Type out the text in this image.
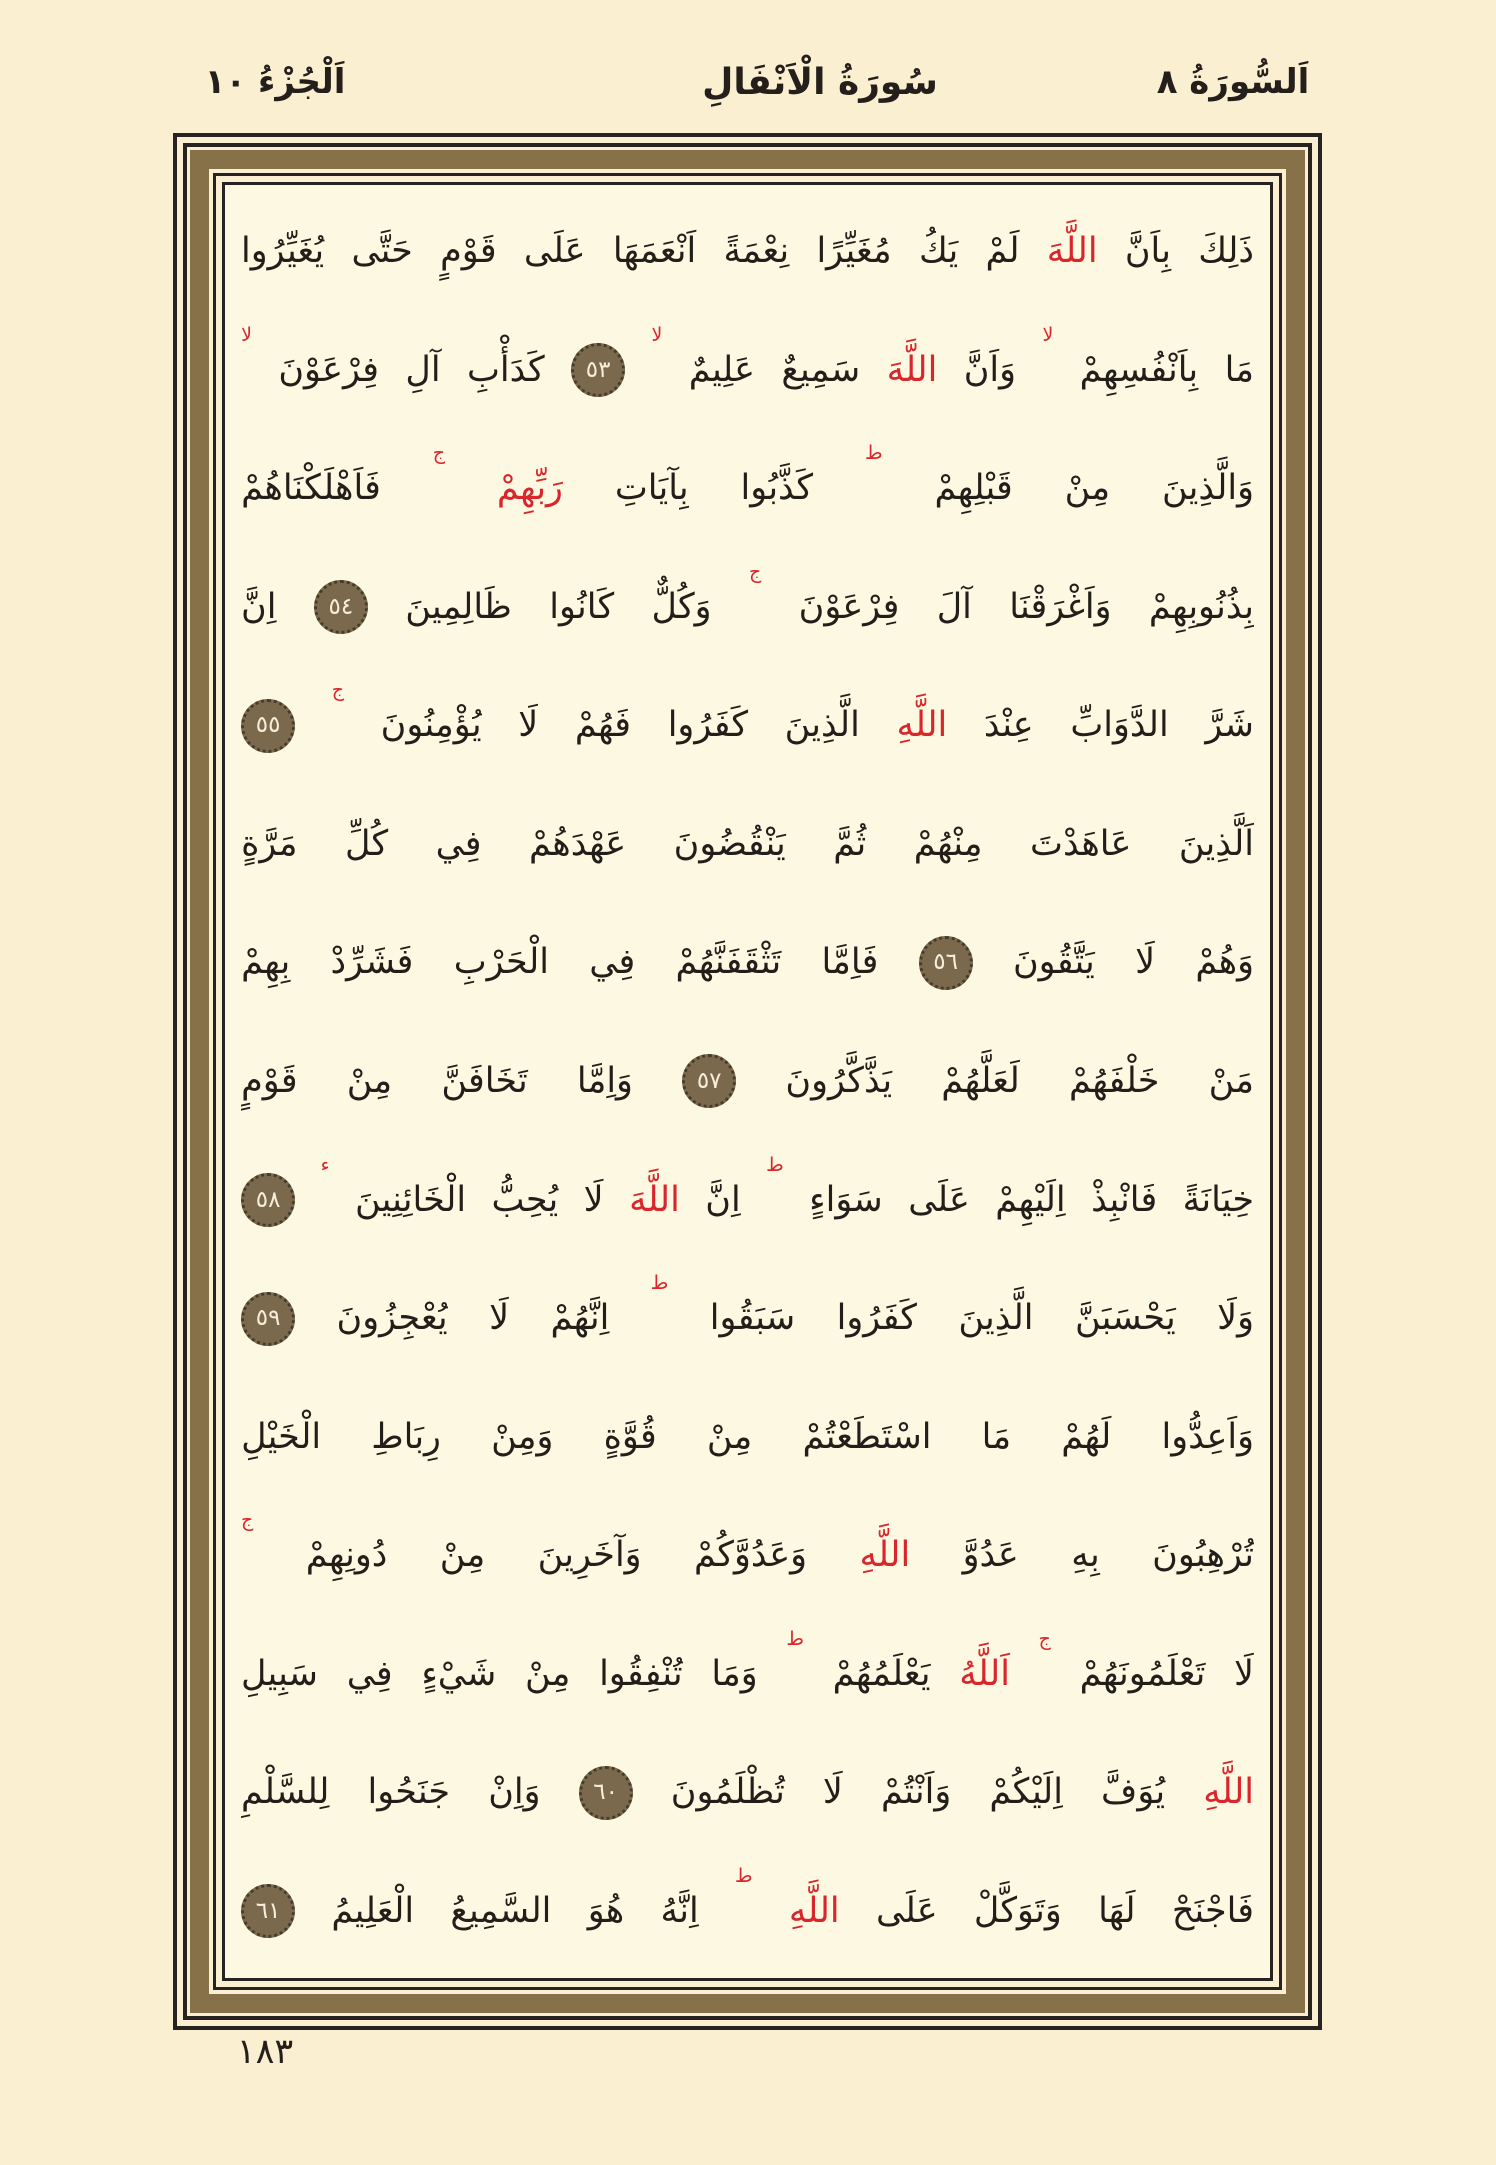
اَلسُّورَةُ ٨
سُورَةُ الْاَنْفَالِ
اَلْجُزْءُ ١٠
ذَلِكَ
بِاَنَّ
اللَّهَ
لَمْ
يَكُ
مُغَيِّرًا
نِعْمَةً
اَنْعَمَهَا
عَلَى
قَوْمٍ
حَتَّى
يُغَيِّرُوا
مَا
بِاَنْفُسِهِمْ
لا
وَاَنَّ
اللَّهَ
سَمِيعٌ
عَلِيمٌ
لا
٥٣
كَدَأْبِ
آلِ
فِرْعَوْنَ
لا
وَالَّذِينَ
مِنْ
قَبْلِهِمْ
ط
كَذَّبُوا
بِآيَاتِ
رَبِّهِمْ
ج
فَاَهْلَكْنَاهُمْ
بِذُنُوبِهِمْ
وَاَغْرَقْنَا
آلَ
فِرْعَوْنَ
ج
وَكُلٌّ
كَانُوا
ظَالِمِينَ
٥٤
اِنَّ
شَرَّ
الدَّوَابِّ
عِنْدَ
اللَّهِ
الَّذِينَ
كَفَرُوا
فَهُمْ
لَا
يُؤْمِنُونَ
ج
٥٥
اَلَّذِينَ
عَاهَدْتَ
مِنْهُمْ
ثُمَّ
يَنْقُضُونَ
عَهْدَهُمْ
فِي
كُلِّ
مَرَّةٍ
وَهُمْ
لَا
يَتَّقُونَ
٥٦
فَاِمَّا
تَثْقَفَنَّهُمْ
فِي
الْحَرْبِ
فَشَرِّدْ
بِهِمْ
مَنْ
خَلْفَهُمْ
لَعَلَّهُمْ
يَذَّكَّرُونَ
٥٧
وَاِمَّا
تَخَافَنَّ
مِنْ
قَوْمٍ
خِيَانَةً
فَانْبِذْ
اِلَيْهِمْ
عَلَى
سَوَاءٍ
ط
اِنَّ
اللَّهَ
لَا
يُحِبُّ
الْخَائِنِينَ
ء
٥٨
وَلَا
يَحْسَبَنَّ
الَّذِينَ
كَفَرُوا
سَبَقُوا
ط
اِنَّهُمْ
لَا
يُعْجِزُونَ
٥٩
وَاَعِدُّوا
لَهُمْ
مَا
اسْتَطَعْتُمْ
مِنْ
قُوَّةٍ
وَمِنْ
رِبَاطِ
الْخَيْلِ
تُرْهِبُونَ
بِهِ
عَدُوَّ
اللَّهِ
وَعَدُوَّكُمْ
وَآخَرِينَ
مِنْ
دُونِهِمْ
ج
لَا
تَعْلَمُونَهُمْ
ج
اَللَّهُ
يَعْلَمُهُمْ
ط
وَمَا
تُنْفِقُوا
مِنْ
شَيْءٍ
فِي
سَبِيلِ
اللَّهِ
يُوَفَّ
اِلَيْكُمْ
وَاَنْتُمْ
لَا
تُظْلَمُونَ
٦٠
وَاِنْ
جَنَحُوا
لِلسَّلْمِ
فَاجْنَحْ
لَهَا
وَتَوَكَّلْ
عَلَى
اللَّهِ
ط
اِنَّهُ
هُوَ
السَّمِيعُ
الْعَلِيمُ
٦١
١٨٣
